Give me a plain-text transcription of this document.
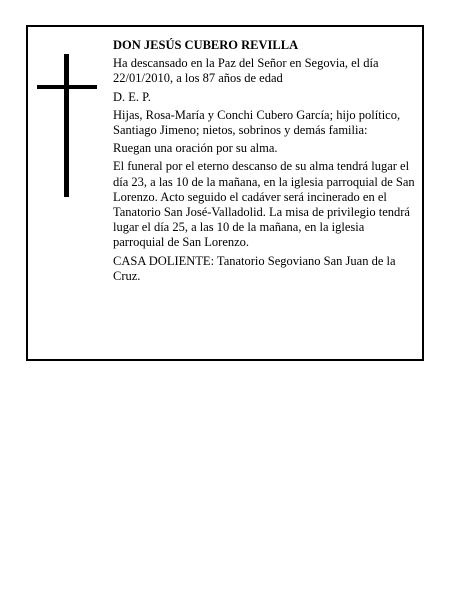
DON JESÚS CUBERO REVILLA

Ha descansado en la Paz del Señor en Segovia, el día 22/01/2010, a los 87 años de edad

D. E. P.

Hijas, Rosa-María y Conchi Cubero García; hijo político, Santiago Jimeno; nietos, sobrinos y demás familia:

Ruegan una oración por su alma.

El funeral por el eterno descanso de su alma tendrá lugar el día 23, a las 10 de la mañana, en la iglesia parroquial de San Lorenzo. Acto seguido el cadáver será incinerado en el Tanatorio San José-Valladolid. La misa de privilegio tendrá lugar el día 25, a las 10 de la mañana, en la iglesia parroquial de San Lorenzo.

CASA DOLIENTE: Tanatorio Segoviano San Juan de la Cruz.
